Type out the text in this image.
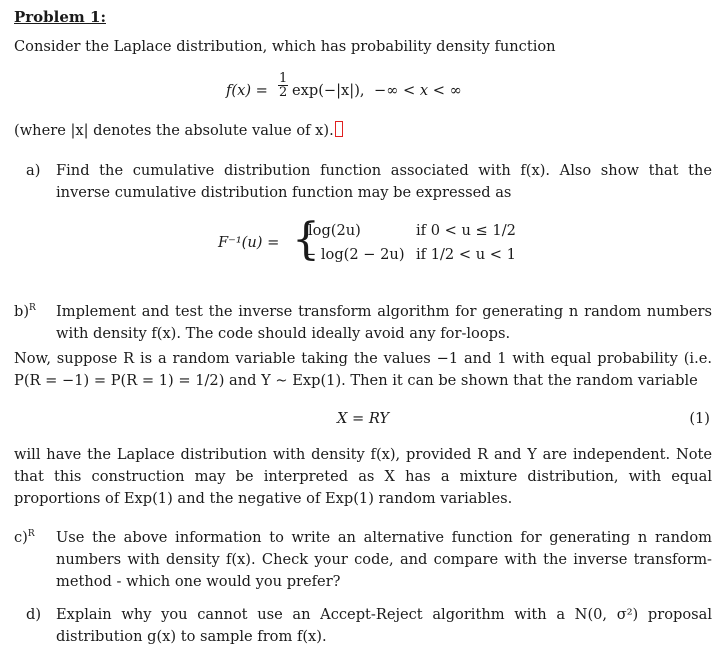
Problem 1:
Consider the Laplace distribution, which has probability density function
$f(x) = \frac{1}{2} \exp(-|x|)$, −∞ < x < ∞
(where |x| denotes the absolute value of x).
a) Find the cumulative distribution function associated with f(x). Also show that the inverse cumulative distribution function may be expressed as
F⁻¹(u) = {
log(2u)	if 0 < u ≤ 1/2
− log(2 − 2u) if 1/2 < u < 1
b)$^R$ Implement and test the inverse transform algorithm for generating n random numbers with density f(x). The code should ideally avoid any for-loops.
Now, suppose R is a random variable taking the values −1 and 1 with equal probability (i.e. P(R = −1) = P(R = 1) = 1/2) and Y ∼ Exp(1). Then it can be shown that the random variable
X = RY	(1)
will have the Laplace distribution with density f(x), provided R and Y are independent. Note that this construction may be interpreted as X has a mixture distribution, with equal proportions of Exp(1) and the negative of Exp(1) random variables.
c)$^R$ Use the above information to write an alternative function for generating n random numbers with density f(x). Check your code, and compare with the inverse transform-method - which one would you prefer?
d) Explain why you cannot use an Accept-Reject algorithm with a N(0, σ²) proposal distribution g(x) to sample from f(x).
